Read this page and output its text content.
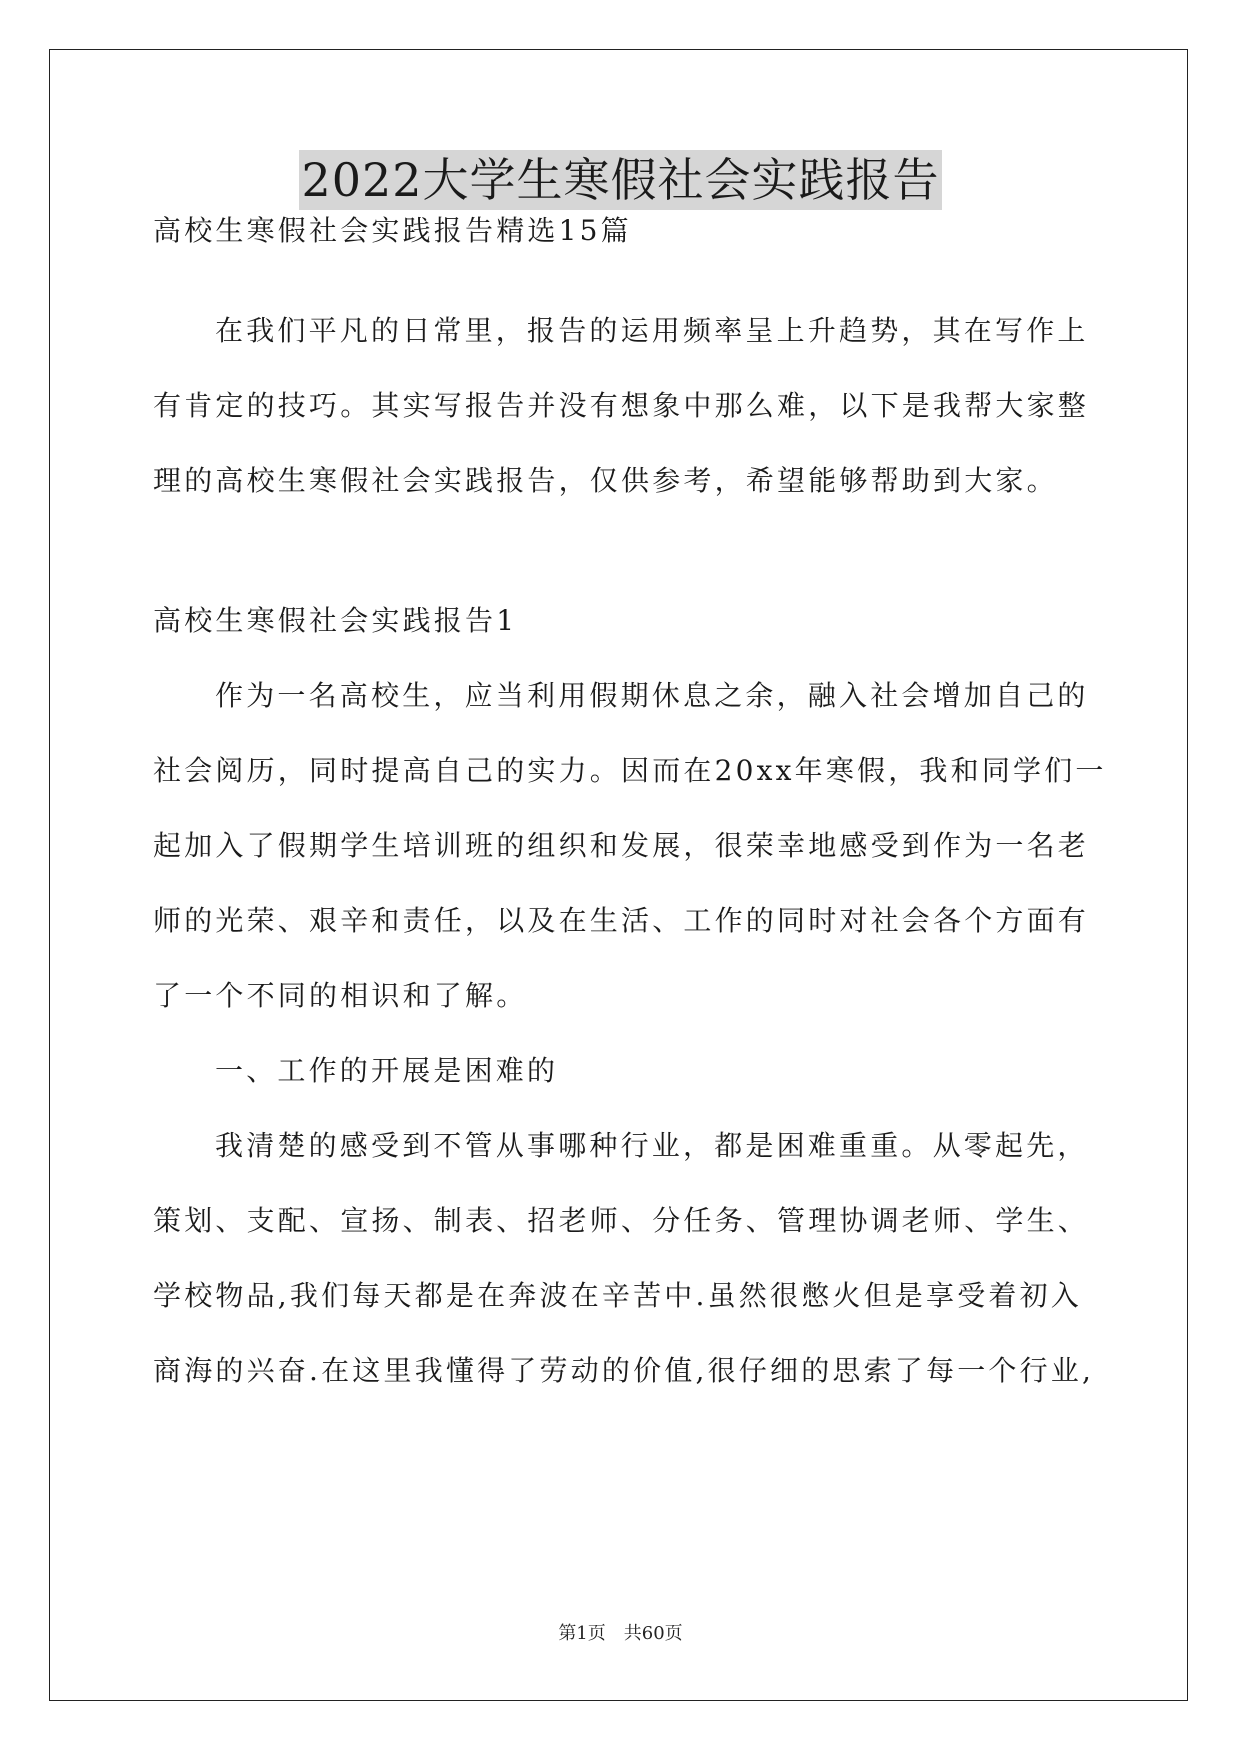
2022大学生寒假社会实践报告
高校生寒假社会实践报告精选15篇
在我们平凡的日常里，报告的运用频率呈上升趋势，其在写作上
有肯定的技巧。其实写报告并没有想象中那么难，以下是我帮大家整
理的高校生寒假社会实践报告，仅供参考，希望能够帮助到大家。
高校生寒假社会实践报告1
作为一名高校生，应当利用假期休息之余，融入社会增加自己的
社会阅历，同时提高自己的实力。因而在20xx年寒假，我和同学们一
起加入了假期学生培训班的组织和发展，很荣幸地感受到作为一名老
师的光荣、艰辛和责任，以及在生活、工作的同时对社会各个方面有
了一个不同的相识和了解。
一、工作的开展是困难的
我清楚的感受到不管从事哪种行业，都是困难重重。从零起先，
策划、支配、宣扬、制表、招老师、分任务、管理协调老师、学生、
学校物品,我们每天都是在奔波在辛苦中.虽然很憋火但是享受着初入
商海的兴奋.在这里我懂得了劳动的价值,很仔细的思索了每一个行业,
第1页　共60页
